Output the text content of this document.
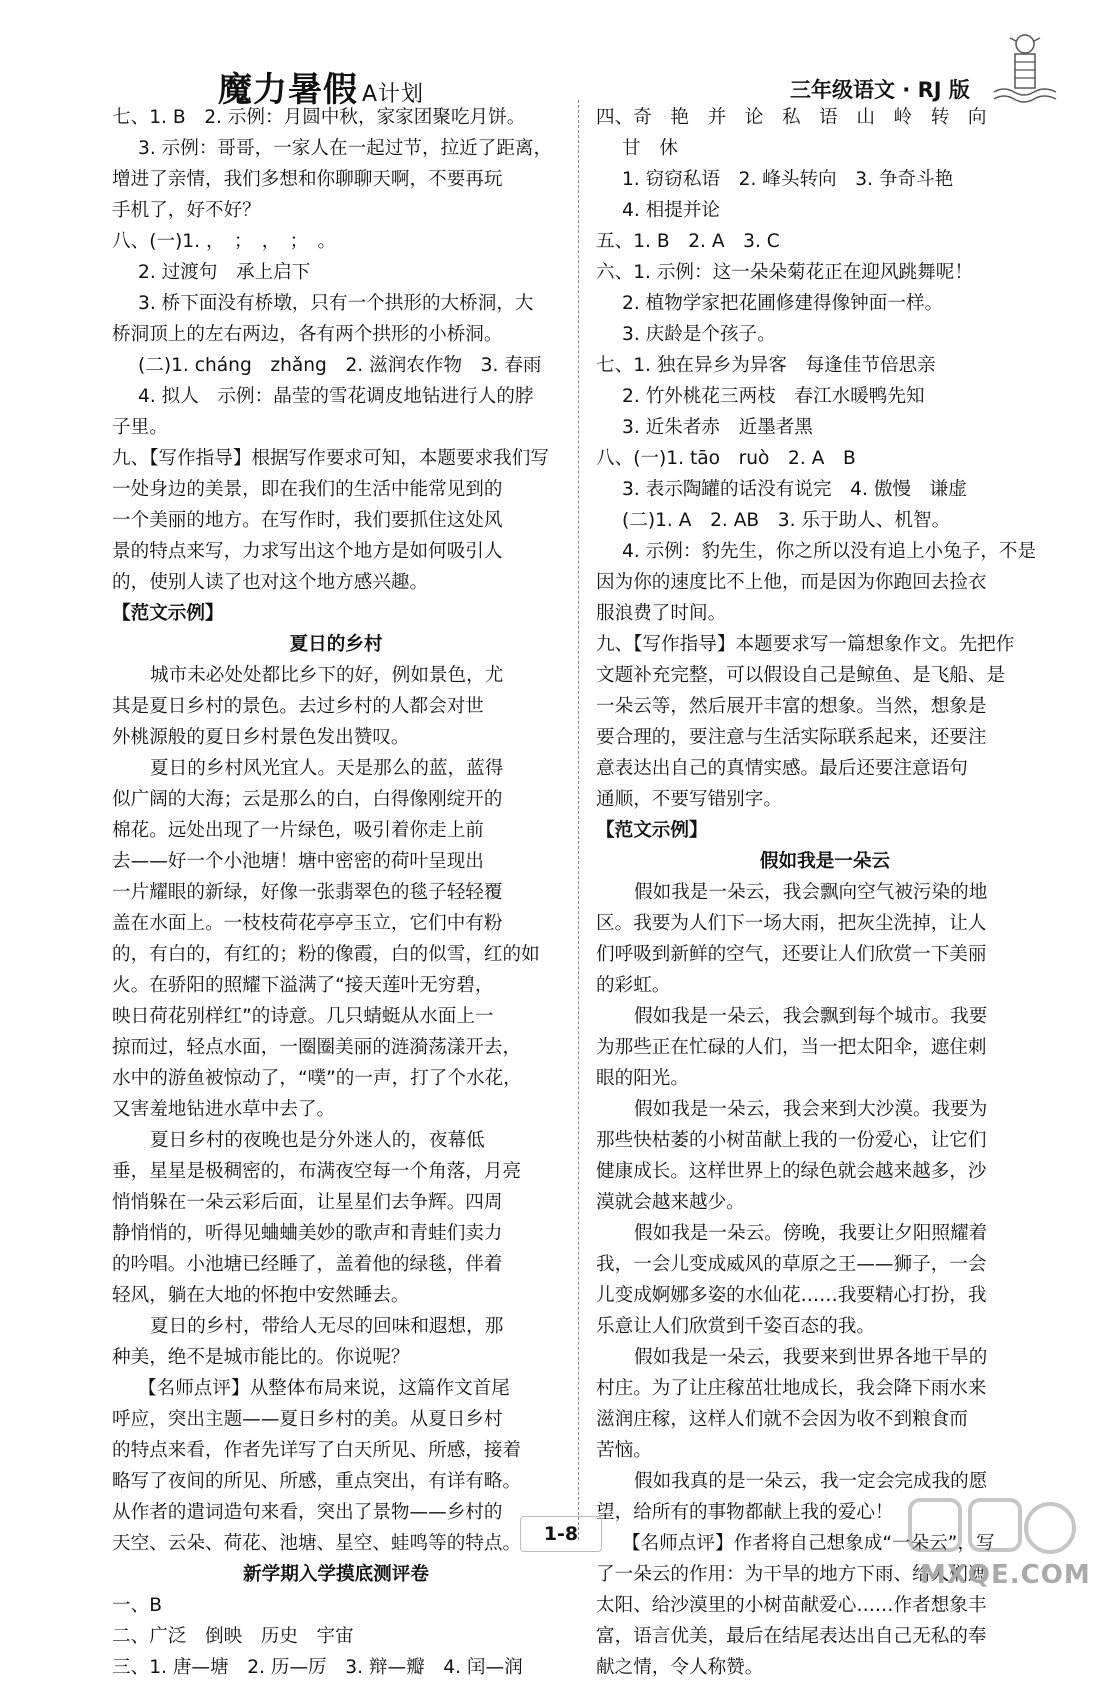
魔力暑假 A计划	三年级语文 · RJ 版
七、1. B　2. 示例：月圆中秋，家家团聚吃月饼。
3. 示例：哥哥，一家人在一起过节，拉近了距离，
增进了亲情，我们多想和你聊聊天啊，不要再玩
手机了，好不好？
八、(一)1. ，　；　，　；　。
2. 过渡句　承上启下
3. 桥下面没有桥墩，只有一个拱形的大桥洞，大
桥洞顶上的左右两边，各有两个拱形的小桥洞。
(二)1. cháng　zhǎng　2. 滋润农作物　3. 春雨
4. 拟人　示例：晶莹的雪花调皮地钻进行人的脖
子里。
九、【写作指导】根据写作要求可知，本题要求我们写
一处身边的美景，即在我们的生活中能常见到的
一个美丽的地方。在写作时，我们要抓住这处风
景的特点来写，力求写出这个地方是如何吸引人
的，使别人读了也对这个地方感兴趣。
【范文示例】
夏日的乡村
城市未必处处都比乡下的好，例如景色，尤
其是夏日乡村的景色。去过乡村的人都会对世
外桃源般的夏日乡村景色发出赞叹。
夏日的乡村风光宜人。天是那么的蓝，蓝得
似广阔的大海；云是那么的白，白得像刚绽开的
棉花。远处出现了一片绿色，吸引着你走上前
去——好一个小池塘！塘中密密的荷叶呈现出
一片耀眼的新绿，好像一张翡翠色的毯子轻轻覆
盖在水面上。一枝枝荷花亭亭玉立，它们中有粉
的，有白的，有红的；粉的像霞，白的似雪，红的如
火。在骄阳的照耀下溢满了“接天莲叶无穷碧，
映日荷花别样红”的诗意。几只蜻蜓从水面上一
掠而过，轻点水面，一圈圈美丽的涟漪荡漾开去，
水中的游鱼被惊动了，“噗”的一声，打了个水花，
又害羞地钻进水草中去了。
夏日乡村的夜晚也是分外迷人的，夜幕低
垂，星星是极稠密的，布满夜空每一个角落，月亮
悄悄躲在一朵云彩后面，让星星们去争辉。四周
静悄悄的，听得见蛐蛐美妙的歌声和青蛙们卖力
的吟唱。小池塘已经睡了，盖着他的绿毯，伴着
轻风，躺在大地的怀抱中安然睡去。
夏日的乡村，带给人无尽的回味和遐想，那
种美，绝不是城市能比的。你说呢？
【名师点评】从整体布局来说，这篇作文首尾
呼应，突出主题——夏日乡村的美。从夏日乡村
的特点来看，作者先详写了白天所见、所感，接着
略写了夜间的所见、所感，重点突出，有详有略。
从作者的遣词造句来看，突出了景物——乡村的
天空、云朵、荷花、池塘、星空、蛙鸣等的特点。
新学期入学摸底测评卷
一、B
二、广泛　倒映　历史　宇宙
三、1. 唐—塘　2. 历—厉　3. 辩—瓣　4. 闰—润
四、奇　艳　并　论　私　语　山　岭　转　向
甘　休
1. 窃窃私语　2. 峰头转向　3. 争奇斗艳
4. 相提并论
五、1. B　2. A　3. C
六、1. 示例：这一朵朵菊花正在迎风跳舞呢！
2. 植物学家把花圃修建得像钟面一样。
3. 庆龄是个孩子。
七、1. 独在异乡为异客　每逢佳节倍思亲
2. 竹外桃花三两枝　春江水暖鸭先知
3. 近朱者赤　近墨者黑
八、(一)1. tāo　ruò　2. A　B
3. 表示陶罐的话没有说完　4. 傲慢　谦虚
(二)1. A　2. AB　3. 乐于助人、机智。
4. 示例：豹先生，你之所以没有追上小兔子，不是
因为你的速度比不上他，而是因为你跑回去捡衣
服浪费了时间。
九、【写作指导】本题要求写一篇想象作文。先把作
文题补充完整，可以假设自己是鲸鱼、是飞船、是
一朵云等，然后展开丰富的想象。当然，想象是
要合理的，要注意与生活实际联系起来，还要注
意表达出自己的真情实感。最后还要注意语句
通顺，不要写错别字。
【范文示例】
假如我是一朵云
假如我是一朵云，我会飘向空气被污染的地
区。我要为人们下一场大雨，把灰尘洗掉，让人
们呼吸到新鲜的空气，还要让人们欣赏一下美丽
的彩虹。
假如我是一朵云，我会飘到每个城市。我要
为那些正在忙碌的人们，当一把太阳伞，遮住刺
眼的阳光。
假如我是一朵云，我会来到大沙漠。我要为
那些快枯萎的小树苗献上我的一份爱心，让它们
健康成长。这样世界上的绿色就会越来越多，沙
漠就会越来越少。
假如我是一朵云。傍晚，我要让夕阳照耀着
我，一会儿变成威风的草原之王——狮子，一会
儿变成婀娜多姿的水仙花……我要精心打扮，我
乐意让人们欣赏到千姿百态的我。
假如我是一朵云，我要来到世界各地干旱的
村庄。为了让庄稼茁壮地成长，我会降下雨水来
滋润庄稼，这样人们就不会因为收不到粮食而
苦恼。
假如我真的是一朵云，我一定会完成我的愿
望，给所有的事物都献上我的爱心！
【名师点评】作者将自己想象成“一朵云”，写
了一朵云的作用：为干旱的地方下雨、给人们遮
太阳、给沙漠里的小树苗献爱心……作者想象丰
富，语言优美，最后在结尾表达出自己无私的奉
献之情，令人称赞。
1-8
MXQE.COM
